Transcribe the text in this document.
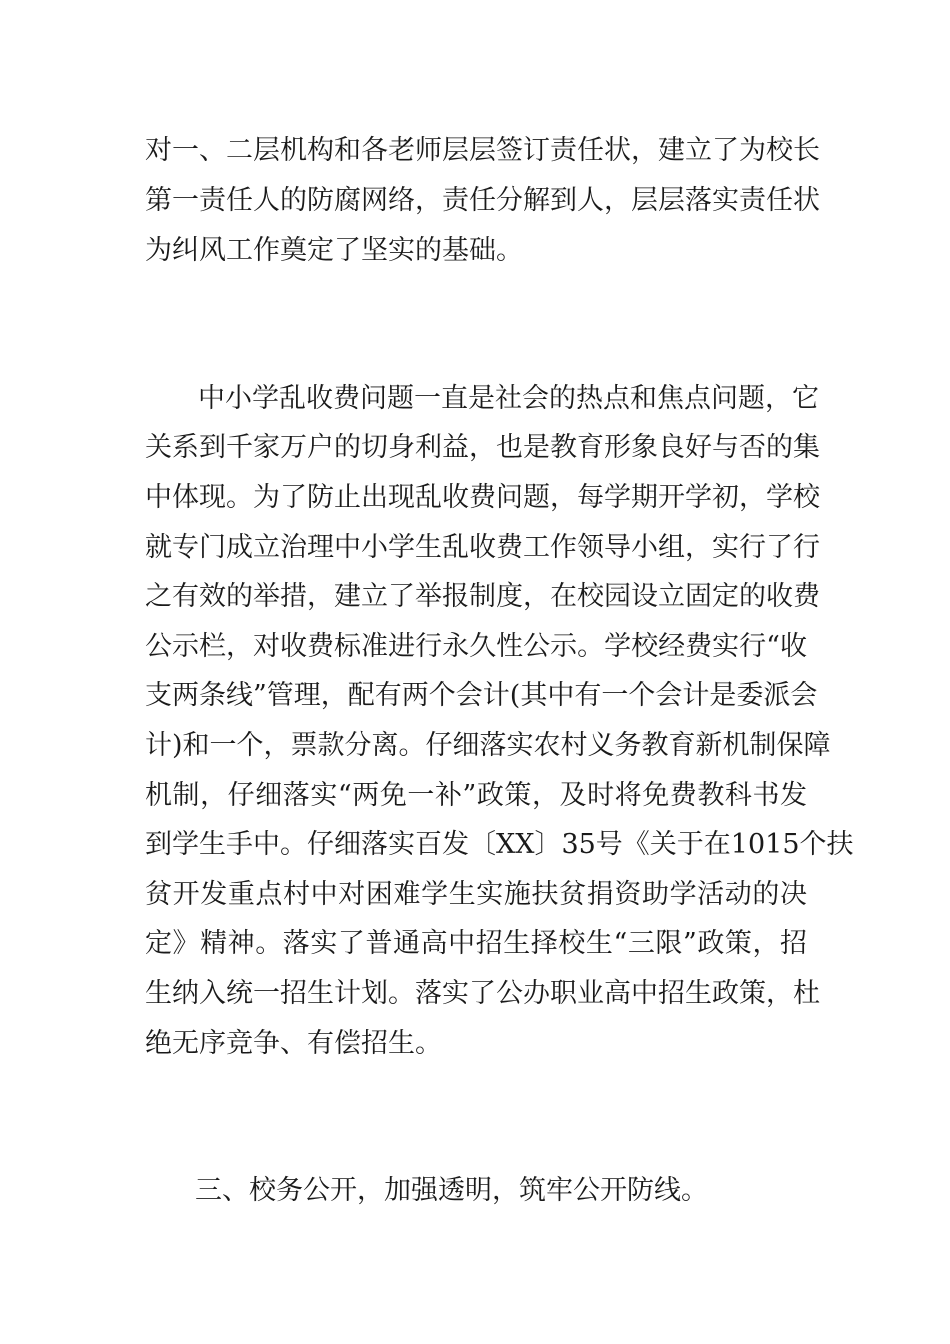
对一、二层机构和各老师层层签订责任状，建立了为校长
第一责任人的防腐网络，责任分解到人，层层落实责任状
为纠风工作奠定了坚实的基础。
中小学乱收费问题一直是社会的热点和焦点问题，它
关系到千家万户的切身利益，也是教育形象良好与否的集
中体现。为了防止出现乱收费问题，每学期开学初，学校
就专门成立治理中小学生乱收费工作领导小组，实行了行
之有效的举措，建立了举报制度，在校园设立固定的收费
公示栏，对收费标准进行永久性公示。学校经费实行“收
支两条线”管理，配有两个会计(其中有一个会计是委派会
计)和一个，票款分离。仔细落实农村义务教育新机制保障
机制，仔细落实“两免一补”政策，及时将免费教科书发
到学生手中。仔细落实百发〔XX〕35号《关于在1015个扶
贫开发重点村中对困难学生实施扶贫捐资助学活动的决
定》精神。落实了普通高中招生择校生“三限”政策，招
生纳入统一招生计划。落实了公办职业高中招生政策，杜
绝无序竞争、有偿招生。
三、校务公开，加强透明，筑牢公开防线。
